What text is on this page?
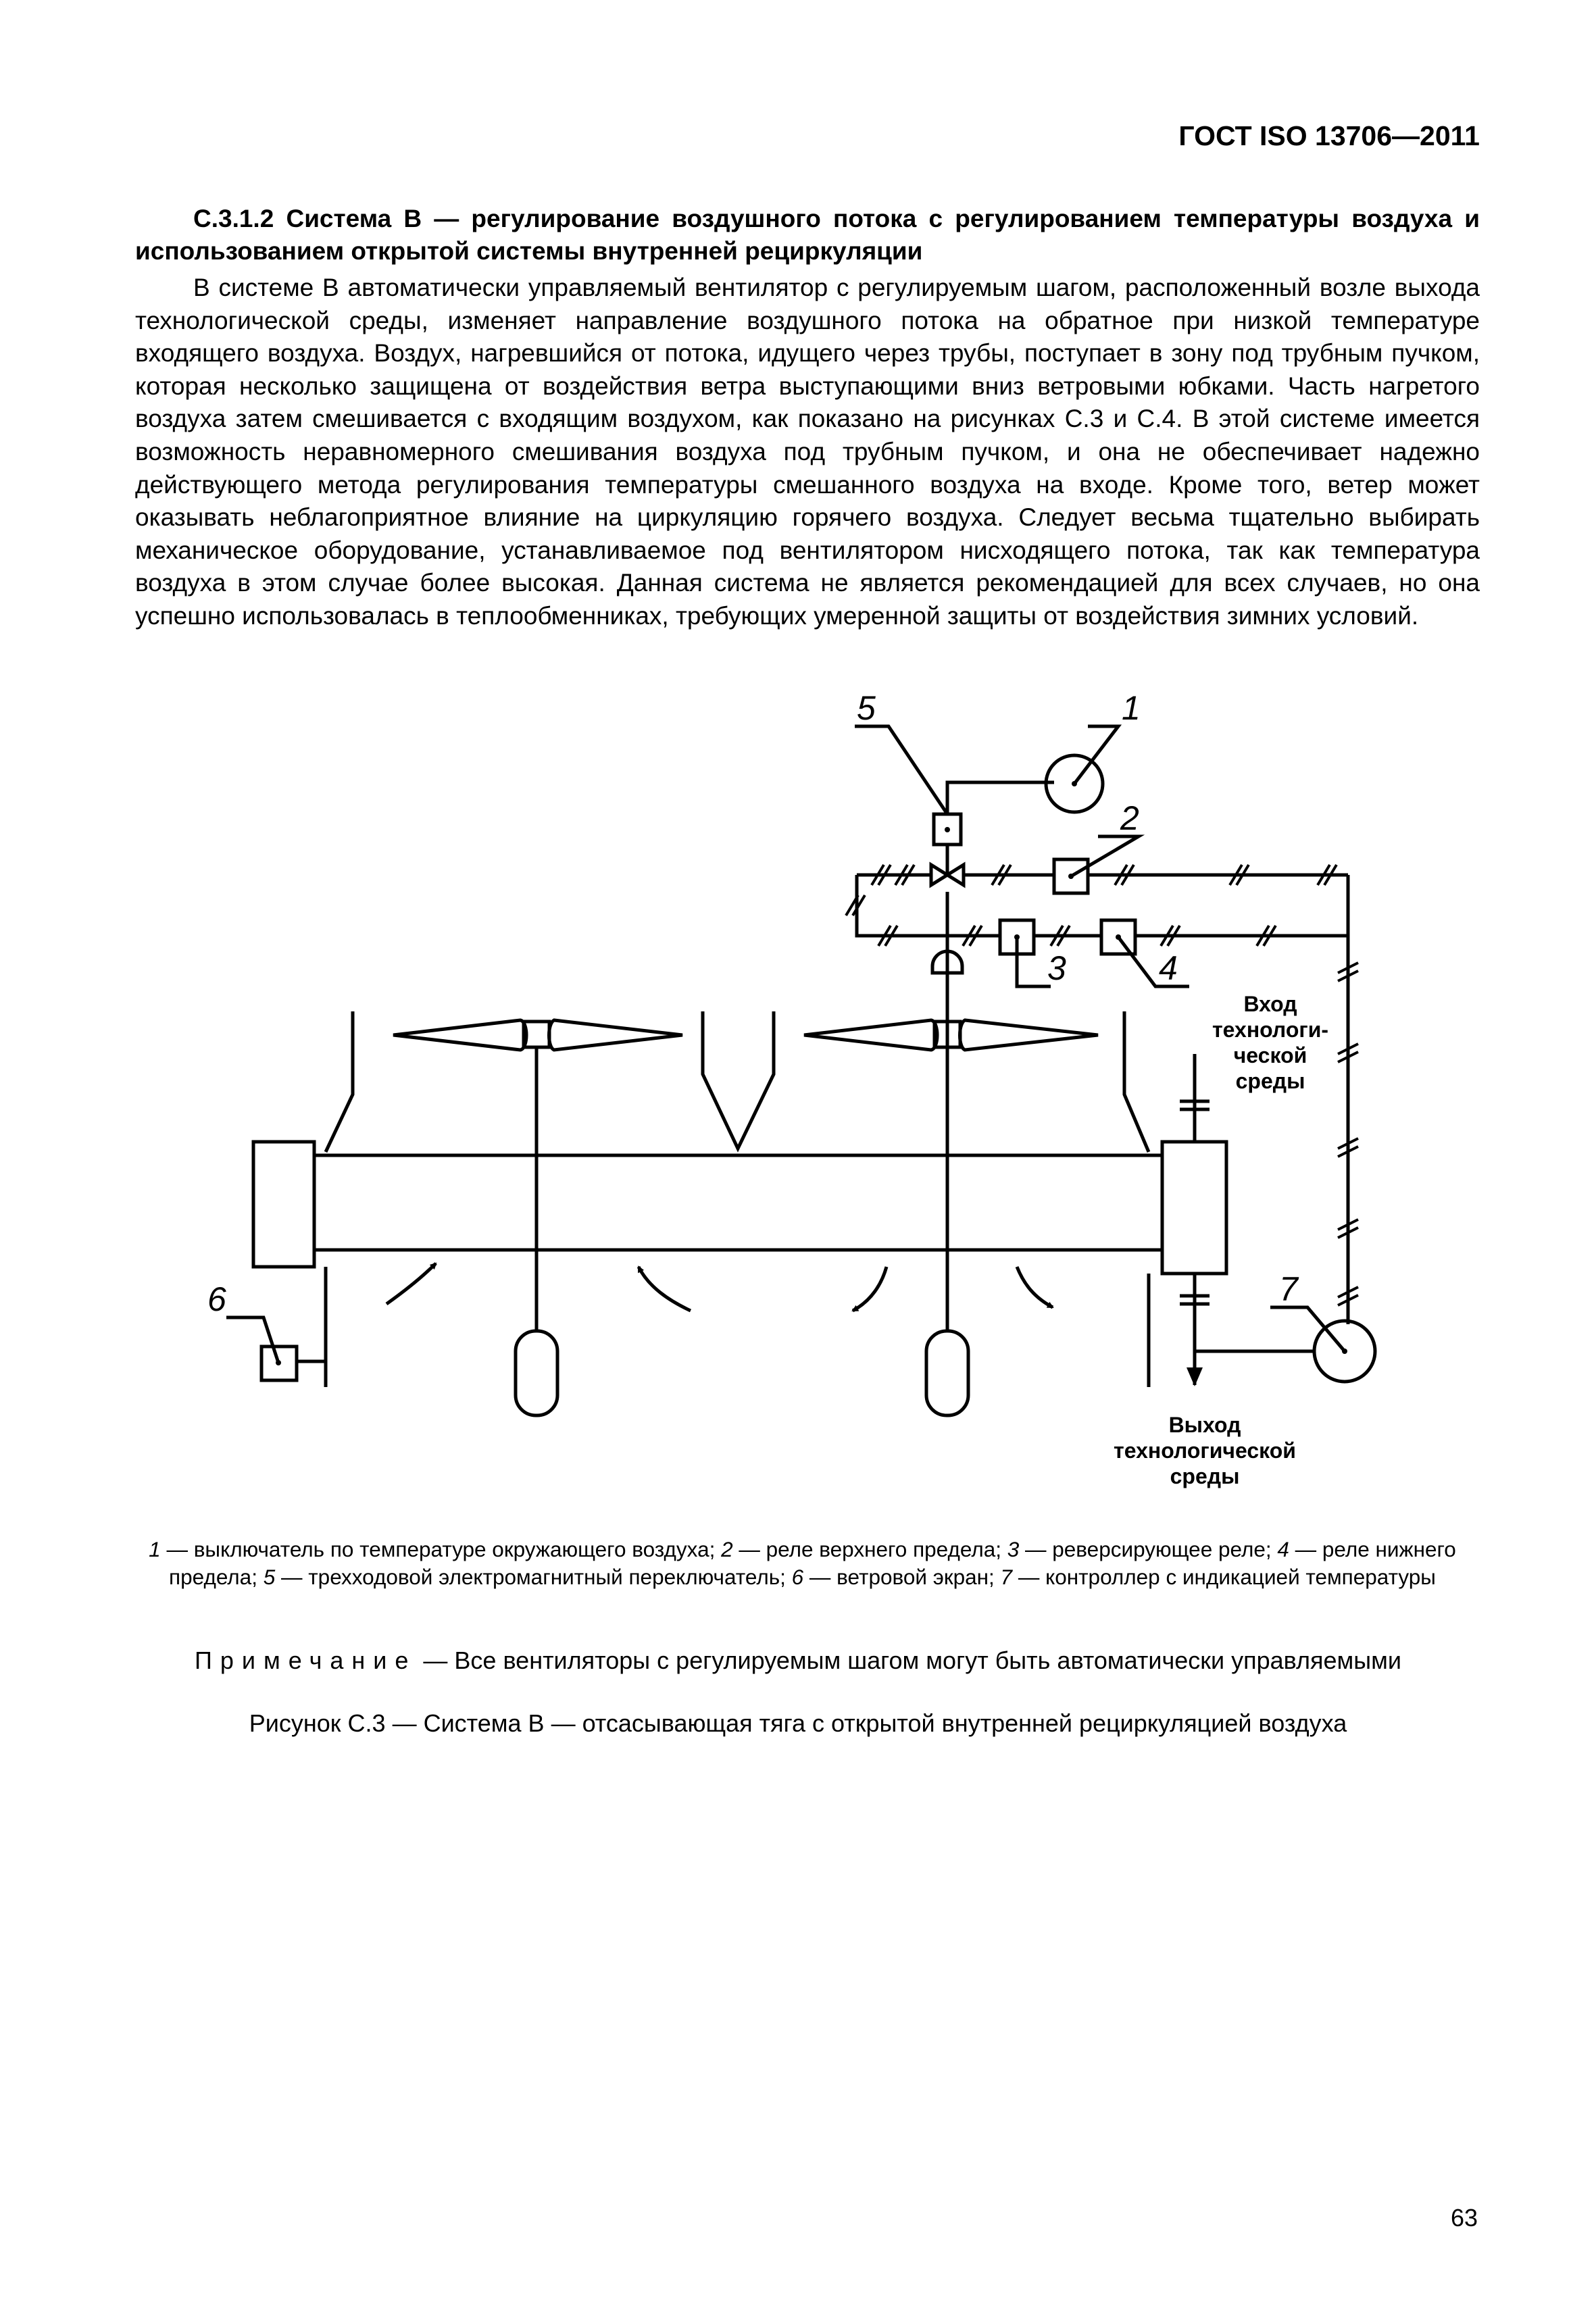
ГОСТ ISO 13706—2011

С.3.1.2 Система В — регулирование воздушного потока с регулированием температуры воздуха и использованием открытой системы внутренней рециркуляции

В системе В автоматически управляемый вентилятор с регулируемым шагом, расположенный возле выхода технологической среды, изменяет направление воздушного потока на обратное при низкой температуре входящего воздуха. Воздух, нагревшийся от потока, идущего через трубы, поступает в зону под трубным пучком, которая несколько защищена от воздействия ветра выступающими вниз ветровыми юбками. Часть нагретого воздуха затем смешивается с входящим воздухом, как показано на рисунках С.3 и С.4. В этой системе имеется возможность неравномерного смешивания воздуха под трубным пучком, и она не обеспечивает надежно действующего метода регулирования температуры смешанного воздуха на входе. Кроме того, ветер может оказывать неблагоприятное влияние на циркуляцию горячего воздуха. Следует весьма тщательно выбирать механическое оборудование, устанавливаемое под вентилятором нисходящего потока, так как температура воздуха в этом случае более высокая. Данная система не является рекомендацией для всех случаев, но она успешно использовалась в теплообменниках, требующих умеренной защиты от воздействия зимних условий.

5	1
2
3	4
6	7
Вход
технологи-
ческой
среды
Выход
технологической
среды

1 — выключатель по температуре окружающего воздуха; 2 — реле верхнего предела; 3 — реверсирующее реле; 4 — реле нижнего предела; 5 — трехходовой электромагнитный переключатель; 6 — ветровой экран; 7 — контроллер с индикацией температуры

Примечание — Все вентиляторы с регулируемым шагом могут быть автоматически управляемыми

Рисунок С.3 — Система В — отсасывающая тяга с открытой внутренней рециркуляцией воздуха

63
